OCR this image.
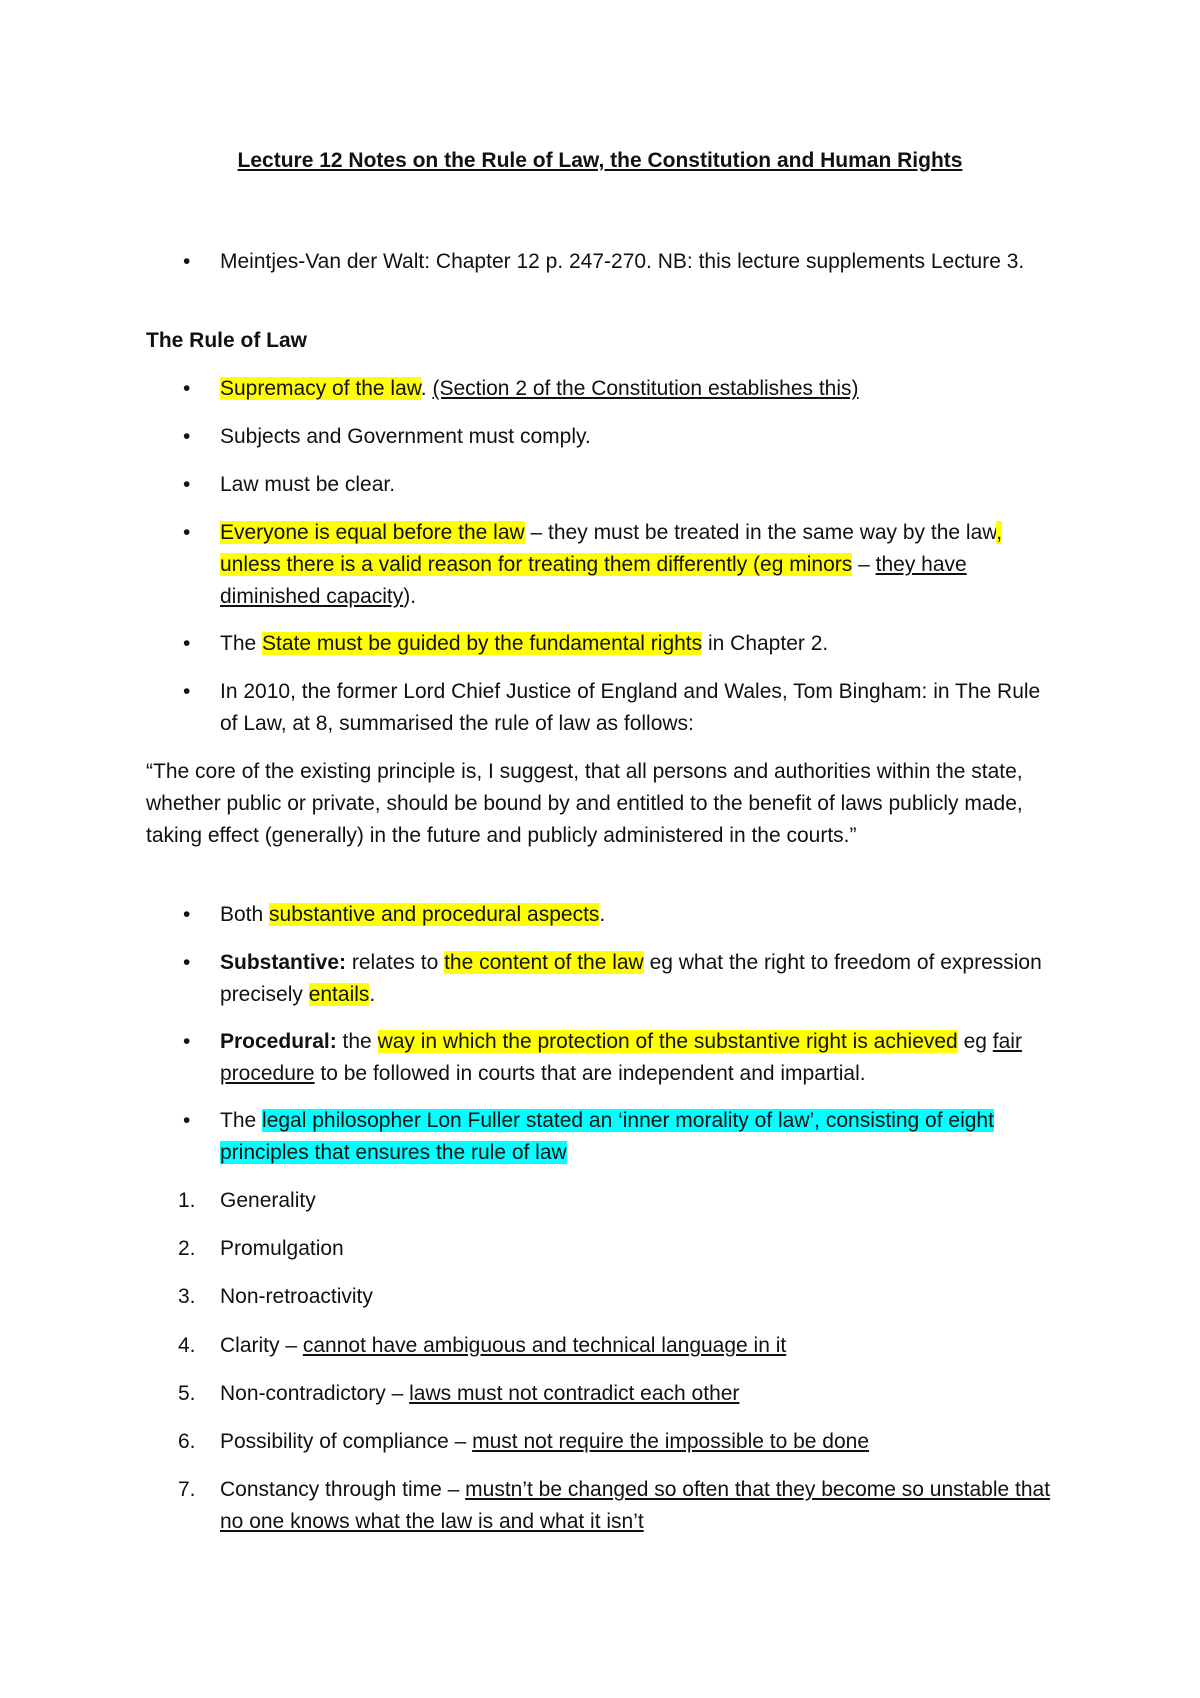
Lecture 12 Notes on the Rule of Law, the Constitution and Human Rights
•	Meintjes-Van der Walt: Chapter 12 p. 247-270. NB: this lecture supplements Lecture 3.
The Rule of Law
•	Supremacy of the law. (Section 2 of the Constitution establishes this)
•	Subjects and Government must comply.
•	Law must be clear.
•	Everyone is equal before the law – they must be treated in the same way by the law, unless there is a valid reason for treating them differently (eg minors – they have diminished capacity).
•	The State must be guided by the fundamental rights in Chapter 2.
•	In 2010, the former Lord Chief Justice of England and Wales, Tom Bingham: in The Rule of Law, at 8, summarised the rule of law as follows:
“The core of the existing principle is, I suggest, that all persons and authorities within the state, whether public or private, should be bound by and entitled to the benefit of laws publicly made, taking effect (generally) in the future and publicly administered in the courts.”
•	Both substantive and procedural aspects.
•	Substantive: relates to the content of the law eg what the right to freedom of expression precisely entails.
•	Procedural: the way in which the protection of the substantive right is achieved eg fair procedure to be followed in courts that are independent and impartial.
•	The legal philosopher Lon Fuller stated an ‘inner morality of law’, consisting of eight principles that ensures the rule of law
1.	Generality
2.	Promulgation
3.	Non-retroactivity
4.	Clarity – cannot have ambiguous and technical language in it
5.	Non-contradictory – laws must not contradict each other
6.	Possibility of compliance – must not require the impossible to be done
7.	Constancy through time – mustn’t be changed so often that they become so unstable that no one knows what the law is and what it isn’t
